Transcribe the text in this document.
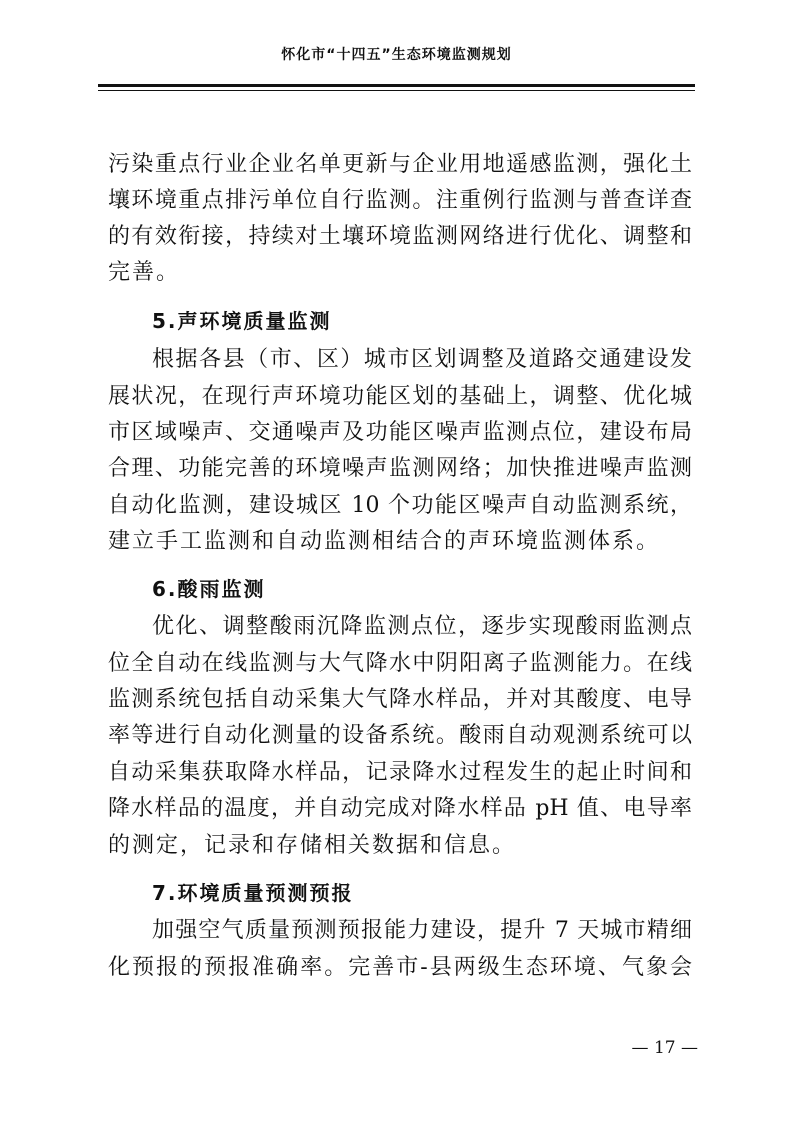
怀化市“十四五”生态环境监测规划
污染重点行业企业名单更新与企业用地遥感监测，强化土
壤环境重点排污单位自行监测。注重例行监测与普查详查
的有效衔接，持续对土壤环境监测网络进行优化、调整和
完善。
5.声环境质量监测
根据各县（市、区）城市区划调整及道路交通建设发
展状况，在现行声环境功能区划的基础上，调整、优化城
市区域噪声、交通噪声及功能区噪声监测点位，建设布局
合理、功能完善的环境噪声监测网络；加快推进噪声监测
自动化监测，建设城区 10 个功能区噪声自动监测系统，
建立手工监测和自动监测相结合的声环境监测体系。
6.酸雨监测
优化、调整酸雨沉降监测点位，逐步实现酸雨监测点
位全自动在线监测与大气降水中阴阳离子监测能力。在线
监测系统包括自动采集大气降水样品，并对其酸度、电导
率等进行自动化测量的设备系统。酸雨自动观测系统可以
自动采集获取降水样品，记录降水过程发生的起止时间和
降水样品的温度，并自动完成对降水样品 pH 值、电导率
的测定，记录和存储相关数据和信息。
7.环境质量预测预报
加强空气质量预测预报能力建设，提升 7 天城市精细
化预报的预报准确率。完善市-县两级生态环境、气象会
— 17 —
